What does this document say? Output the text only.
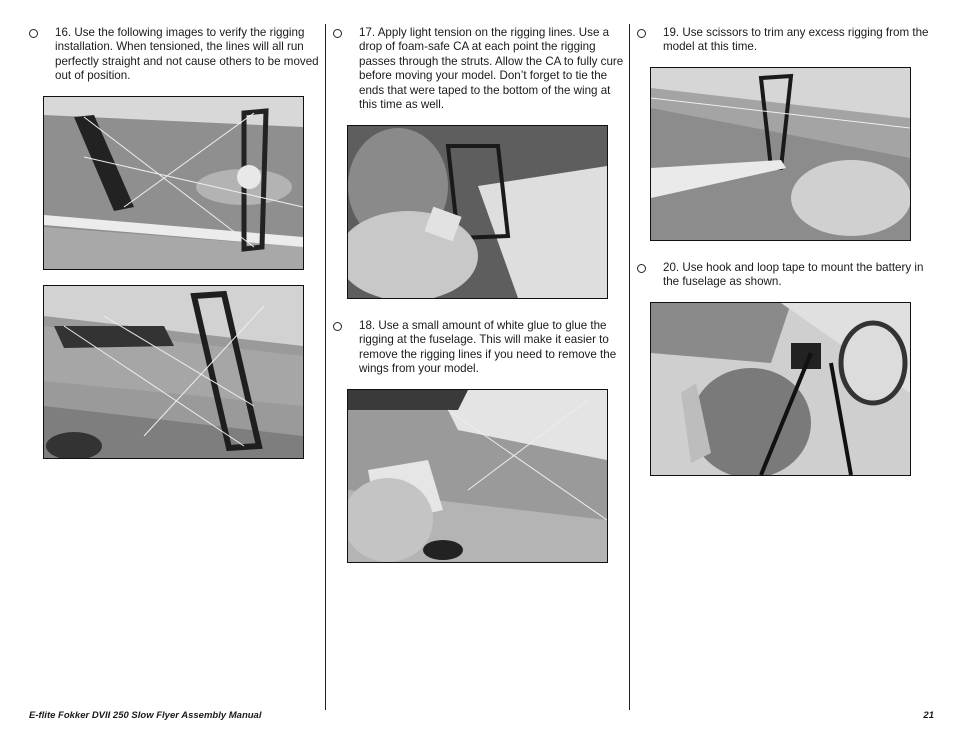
16. Use the following images to verify the rigging installation. When tensioned, the lines will all run perfectly straight and not cause others to be moved out of position.
17. Apply light tension on the rigging lines. Use a drop of foam-safe CA at each point the rigging passes through the struts. Allow the CA to fully cure before moving your model. Don’t forget to tie the ends that were taped to the bottom of the wing at this time as well.
18. Use a small amount of white glue to glue the rigging at the fuselage. This will make it easier to remove the rigging lines if you need to remove the wings from your model.
19. Use scissors to trim any excess rigging from the model at this time.
20. Use hook and loop tape to mount the battery in the fuselage as shown.
E-flite Fokker DVII 250 Slow Flyer Assembly Manual	21
